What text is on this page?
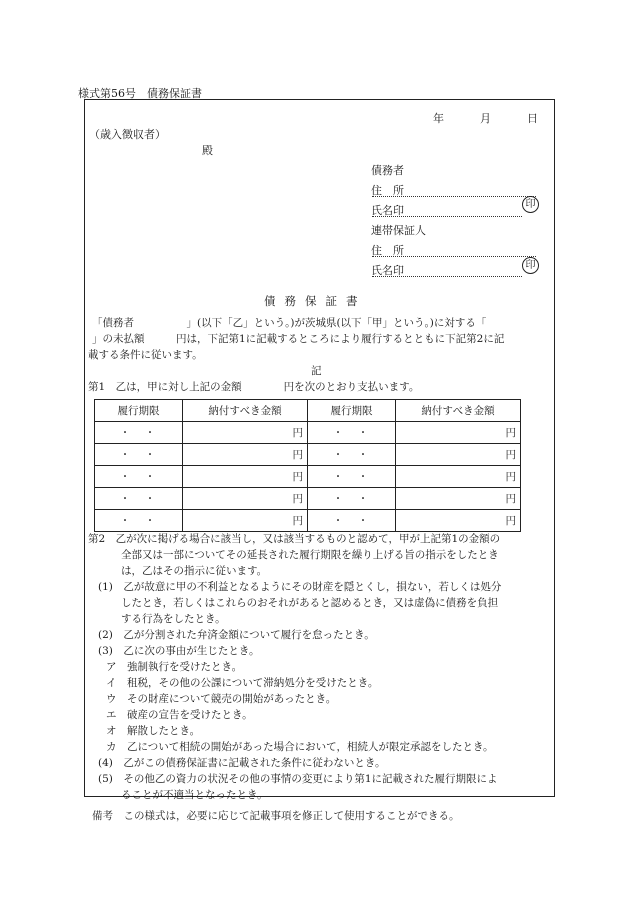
様式第56号　債務保証書
年	月	日
（歳入徴収者）
殿
債務者
住　所
氏名印	印
連帯保証人
住　所
氏名印	印
債務保証書
「債務者　　　　　」(以下「乙」という。)が茨城県(以下「甲」という。)に対する「
」の未払額　　　円は，下記第1に記載するところにより履行するとともに下記第2に記
載する条件に従います。
記
第1　乙は，甲に対し上記の金額　　　　円を次のとおり支払います。
履行期限	納付すべき金額	履行期限	納付すべき金額
・　・	円	・　・	円
・　・	円	・　・	円
・　・	円	・　・	円
・　・	円	・　・	円
・　・	円	・　・	円
第2　乙が次に掲げる場合に該当し，又は該当するものと認めて，甲が上記第1の金額の
全部又は一部についてその延長された履行期限を繰り上げる旨の指示をしたとき
は，乙はその指示に従います。
(1)　乙が故意に甲の不利益となるようにその財産を隠とくし，損ない，若しくは処分
したとき，若しくはこれらのおそれがあると認めるとき，又は虚偽に債務を負担
する行為をしたとき。
(2)　乙が分割された弁済金額について履行を怠ったとき。
(3)　乙に次の事由が生じたとき。
ア　強制執行を受けたとき。
イ　租税，その他の公課について滞納処分を受けたとき。
ウ　その財産について競売の開始があったとき。
エ　破産の宣告を受けたとき。
オ　解散したとき。
カ　乙について相続の開始があった場合において，相続人が限定承認をしたとき。
(4)　乙がこの債務保証書に記載された条件に従わないとき。
(5)　その他乙の資力の状況その他の事情の変更により第1に記載された履行期限によ
ることが不適当となったとき。
備考　この様式は，必要に応じて記載事項を修正して使用することができる。
